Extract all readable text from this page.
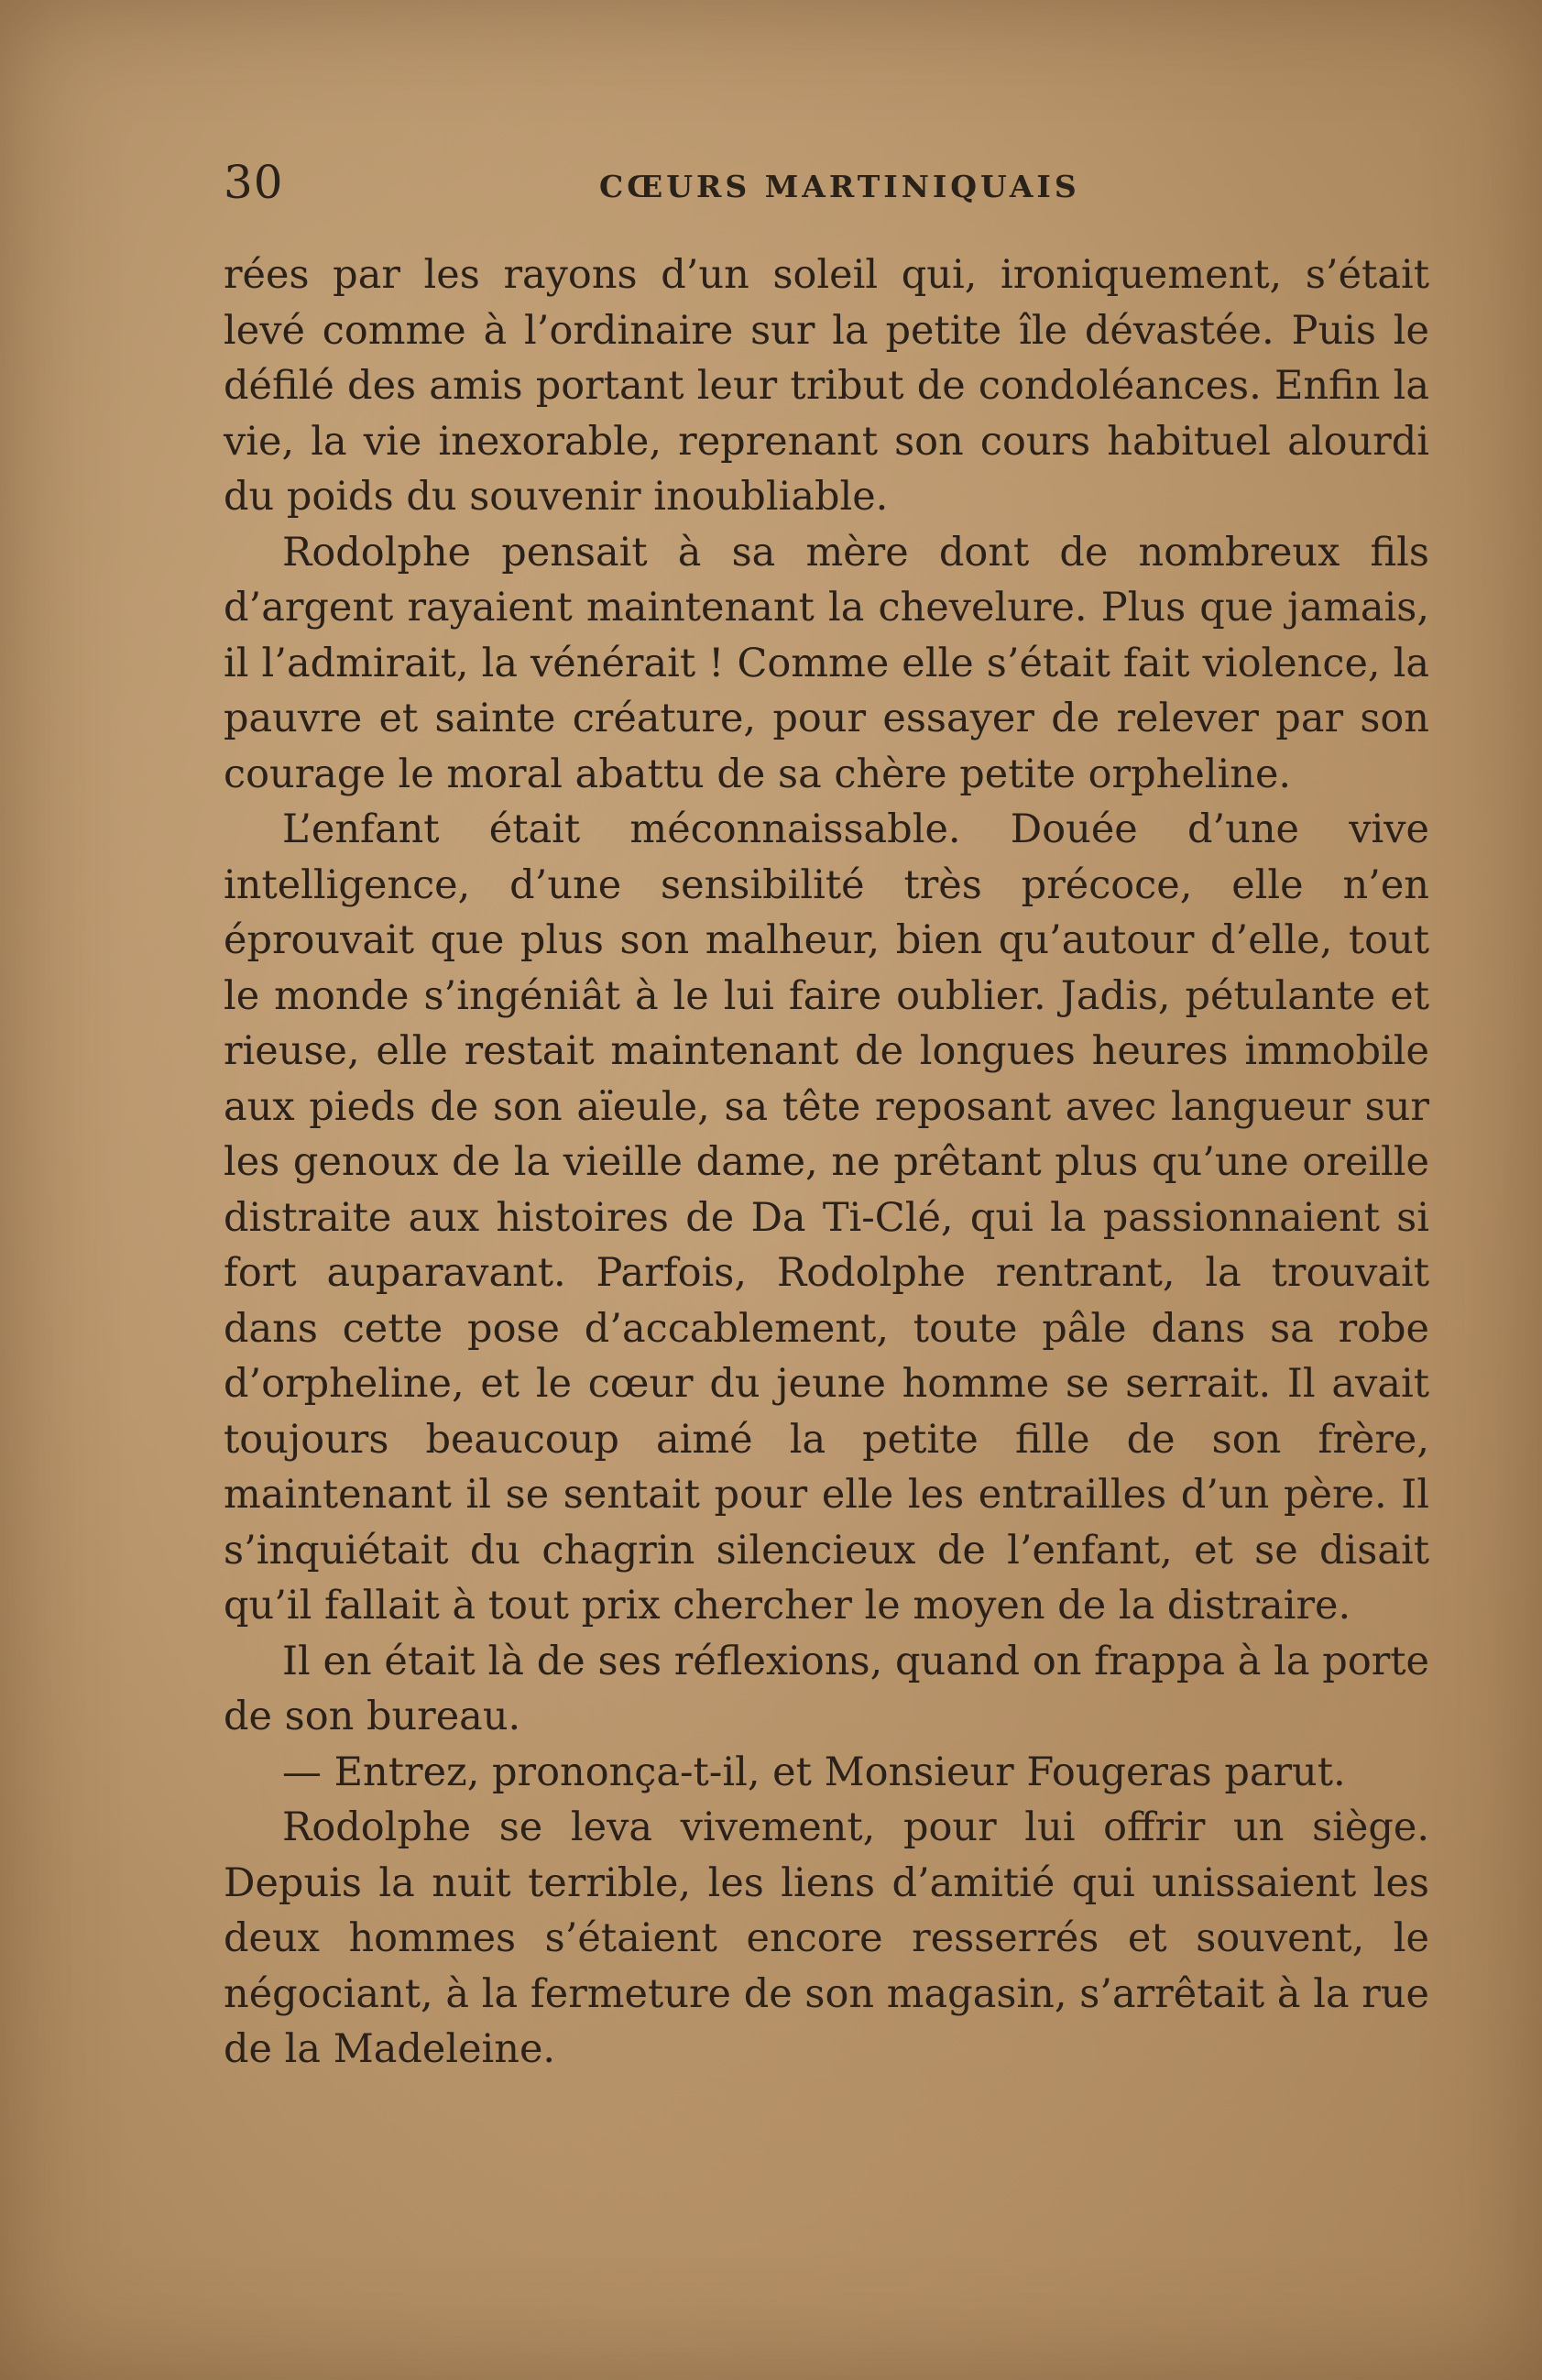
30	CŒURS MARTINIQUAIS

rées par les rayons d’un soleil qui, ironiquement, s’était levé comme à l’ordinaire sur la petite île dévastée. Puis le défilé des amis portant leur tribut de condoléances. Enfin la vie, la vie inexorable, reprenant son cours habituel alourdi du poids du souvenir inoubliable.

Rodolphe pensait à sa mère dont de nombreux fils d’argent rayaient maintenant la chevelure. Plus que jamais, il l’admirait, la vénérait ! Comme elle s’était fait violence, la pauvre et sainte créature, pour essayer de relever par son courage le moral abattu de sa chère petite orpheline.

L’enfant était méconnaissable. Douée d’une vive intelligence, d’une sensibilité très précoce, elle n’en éprouvait que plus son malheur, bien qu’autour d’elle, tout le monde s’ingéniât à le lui faire oublier. Jadis, pétulante et rieuse, elle restait maintenant de longues heures immobile aux pieds de son aïeule, sa tête reposant avec langueur sur les genoux de la vieille dame, ne prêtant plus qu’une oreille distraite aux histoires de Da Ti-Clé, qui la passionnaient si fort auparavant. Parfois, Rodolphe rentrant, la trouvait dans cette pose d’accablement, toute pâle dans sa robe d’orpheline, et le cœur du jeune homme se serrait. Il avait toujours beaucoup aimé la petite fille de son frère, maintenant il se sentait pour elle les entrailles d’un père. Il s’inquiétait du chagrin silencieux de l’enfant, et se disait qu’il fallait à tout prix chercher le moyen de la distraire.

Il en était là de ses réflexions, quand on frappa à la porte de son bureau.

— Entrez, prononça-t-il, et Monsieur Fougeras parut.

Rodolphe se leva vivement, pour lui offrir un siège. Depuis la nuit terrible, les liens d’amitié qui unissaient les deux hommes s’étaient encore resserrés et souvent, le négociant, à la fermeture de son magasin, s’arrêtait à la rue de la Madeleine.
